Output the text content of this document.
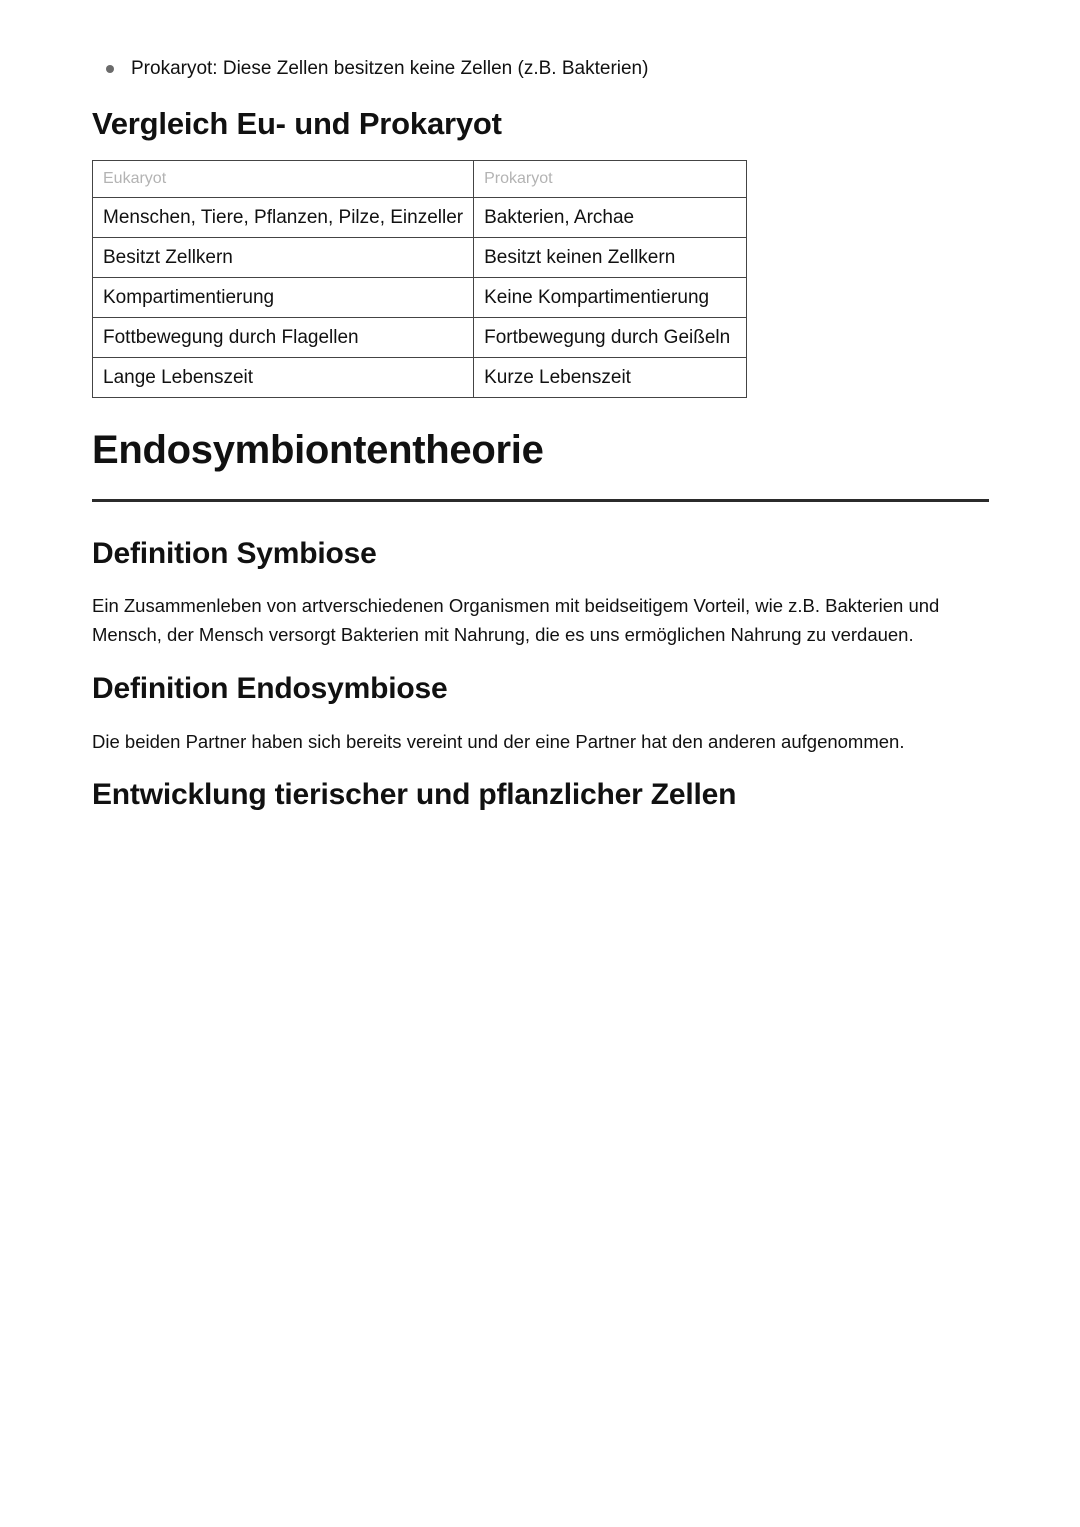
Prokaryot: Diese Zellen besitzen keine Zellen (z.B. Bakterien)
Vergleich Eu- und Prokaryot
Eukaryot	Prokaryot
Menschen, Tiere, Pflanzen, Pilze, Einzeller	Bakterien, Archae
Besitzt Zellkern	Besitzt keinen Zellkern
Kompartimentierung	Keine Kompartimentierung
Fottbewegung durch Flagellen	Fortbewegung durch Geißeln
Lange Lebenszeit	Kurze Lebenszeit
Endosymbiontentheorie
Definition Symbiose

Ein Zusammenleben von artverschiedenen Organismen mit beidseitigem Vorteil, wie z.B. Bakterien und Mensch, der Mensch versorgt Bakterien mit Nahrung, die es uns ermöglichen Nahrung zu verdauen.

Definition Endosymbiose

Die beiden Partner haben sich bereits vereint und der eine Partner hat den anderen aufgenommen.

Entwicklung tierischer und pflanzlicher Zellen
